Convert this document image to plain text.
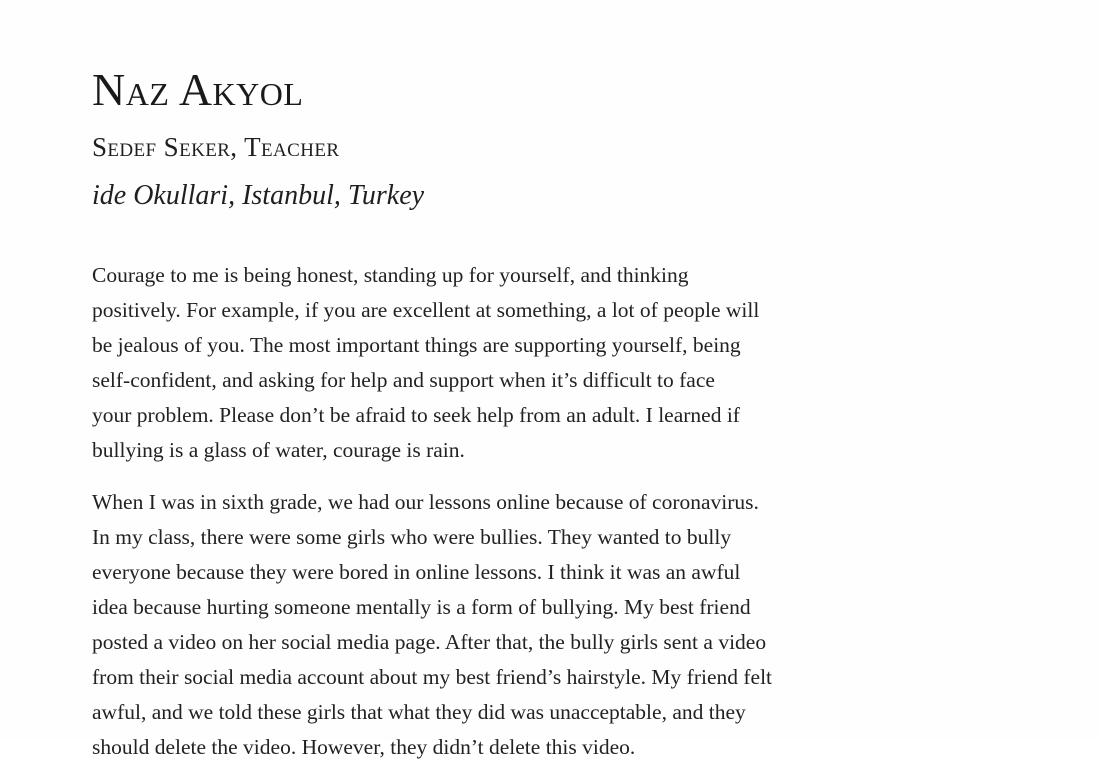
Naz Akyol
Sedef Seker, Teacher
ide Okullari, Istanbul, Turkey

Courage to me is being honest, standing up for yourself, and thinking
positively. For example, if you are excellent at something, a lot of people will
be jealous of you. The most important things are supporting yourself, being
self-confident, and asking for help and support when it’s difficult to face
your problem. Please don’t be afraid to seek help from an adult. I learned if
bullying is a glass of water, courage is rain.

When I was in sixth grade, we had our lessons online because of coronavirus.
In my class, there were some girls who were bullies. They wanted to bully
everyone because they were bored in online lessons. I think it was an awful
idea because hurting someone mentally is a form of bullying. My best friend
posted a video on her social media page. After that, the bully girls sent a video
from their social media account about my best friend’s hairstyle. My friend felt
awful, and we told these girls that what they did was unacceptable, and they
should delete the video. However, they didn’t delete this video.
